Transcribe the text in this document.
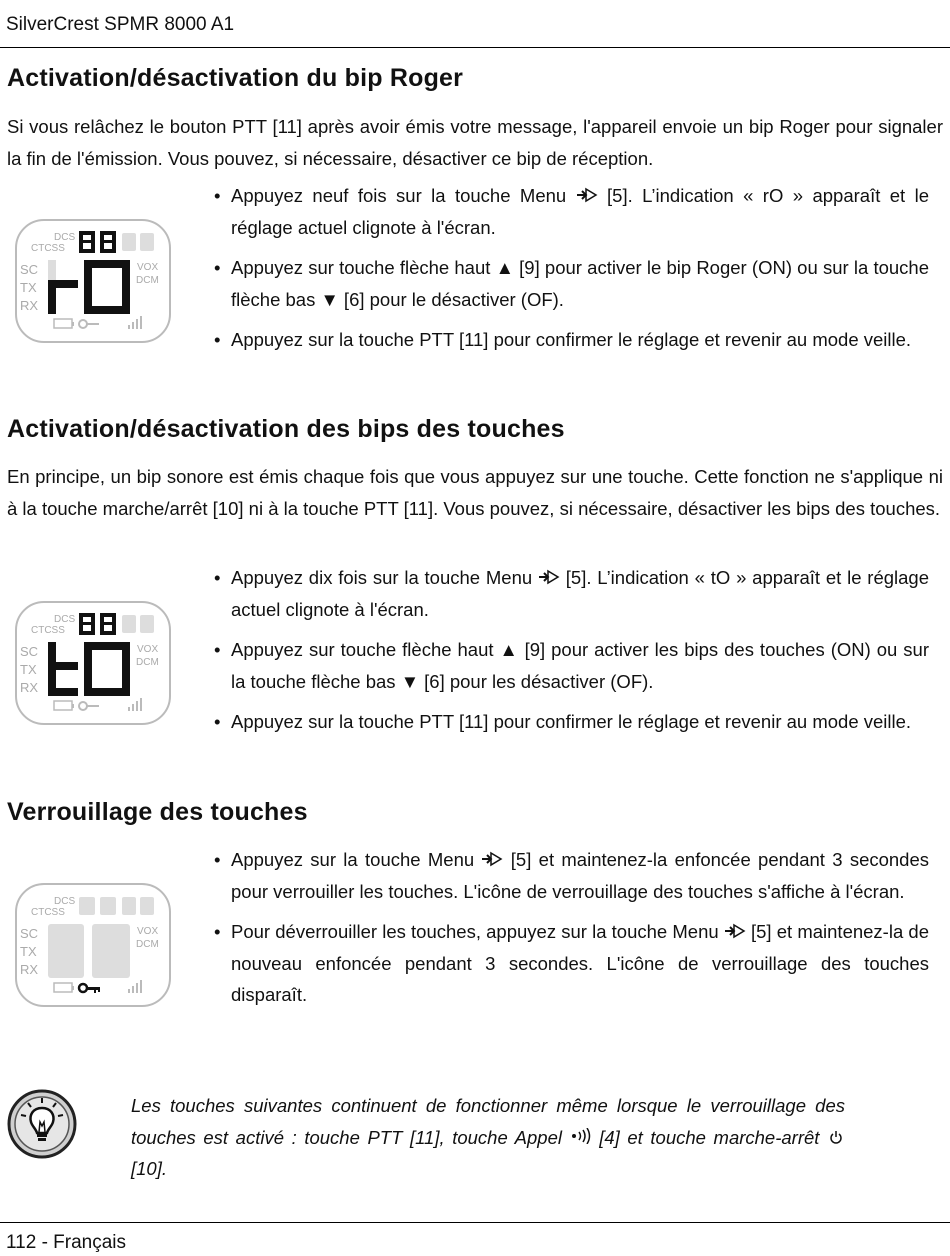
SilverCrest SPMR 8000 A1
Activation/désactivation du bip Roger

Si vous relâchez le bouton PTT [11] après avoir émis votre message, l'appareil envoie un bip Roger pour signaler la fin de l'émission. Vous pouvez, si nécessaire, désactiver ce bip de réception.

DCS
CTCSS
SC
TX
RX
VOX
DCM
• Appuyez neuf fois sur la touche Menu [5]. L’indication « rO » apparaît et le réglage actuel clignote à l'écran.
• Appuyez sur touche flèche haut ▲ [9] pour activer le bip Roger (ON) ou sur la touche flèche bas ▼ [6] pour le désactiver (OF).
• Appuyez sur la touche PTT [11] pour confirmer le réglage et revenir au mode veille.
Activation/désactivation des bips des touches

En principe, un bip sonore est émis chaque fois que vous appuyez sur une touche. Cette fonction ne s'applique ni à la touche marche/arrêt [10] ni à la touche PTT [11]. Vous pouvez, si nécessaire, désactiver les bips des touches.

DCS
CTCSS
SC
TX
RX
VOX
DCM
• Appuyez dix fois sur la touche Menu [5]. L’indication « tO » apparaît et le réglage actuel clignote à l'écran.
• Appuyez sur touche flèche haut ▲ [9] pour activer les bips des touches (ON) ou sur la touche flèche bas ▼ [6] pour les désactiver (OF).
• Appuyez sur la touche PTT [11] pour confirmer le réglage et revenir au mode veille.
Verrouillage des touches
DCS
CTCSS
SC
TX
RX
VOX
DCM
• Appuyez sur la touche Menu [5] et maintenez-la enfoncée pendant 3 secondes pour verrouiller les touches. L'icône de verrouillage des touches s'affiche à l'écran.
• Pour déverrouiller les touches, appuyez sur la touche Menu [5] et maintenez-la de nouveau enfoncée pendant 3 secondes. L'icône de verrouillage des touches disparaît.

Les touches suivantes continuent de fonctionner même lorsque le verrouillage des touches est activé : touche PTT [11], touche Appel [4] et touche marche-arrêt  [10].

112 - Français
